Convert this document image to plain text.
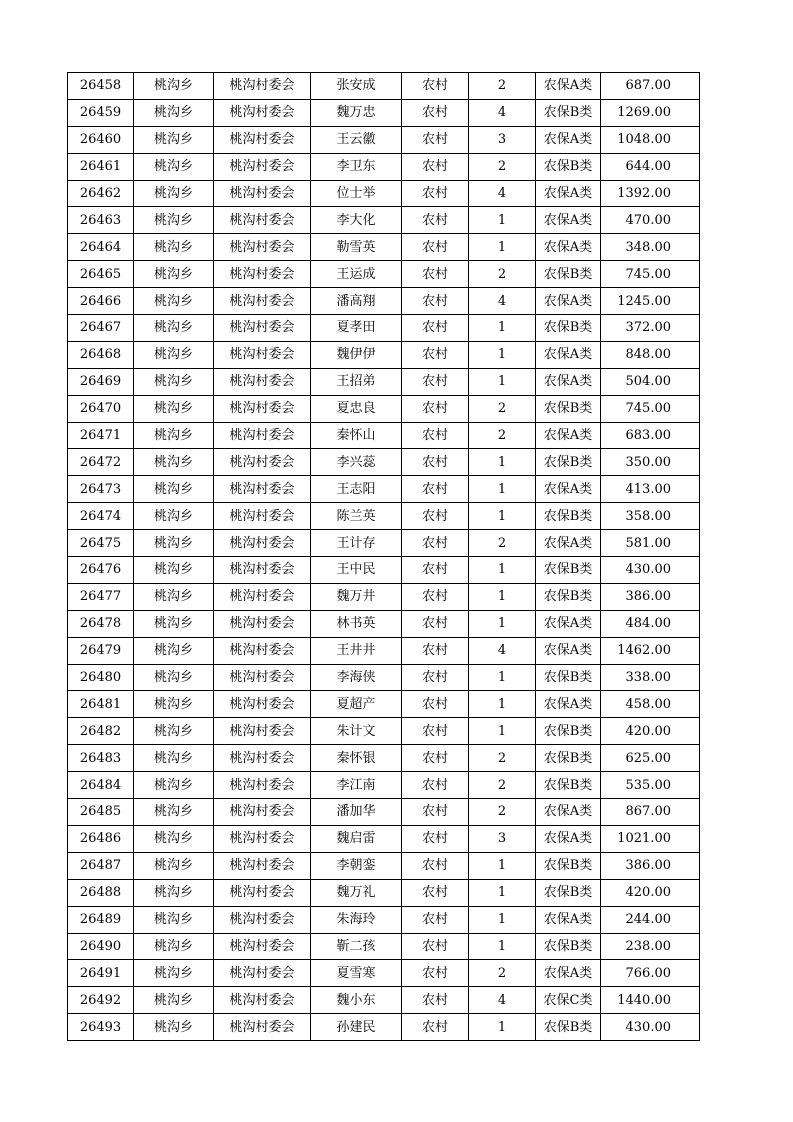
26458	桃沟乡	桃沟村委会	张安成	农村	2	农保A类	687.00
26459	桃沟乡	桃沟村委会	魏万忠	农村	4	农保B类	1269.00
26460	桃沟乡	桃沟村委会	王云徽	农村	3	农保A类	1048.00
26461	桃沟乡	桃沟村委会	李卫东	农村	2	农保B类	644.00
26462	桃沟乡	桃沟村委会	位士举	农村	4	农保A类	1392.00
26463	桃沟乡	桃沟村委会	李大化	农村	1	农保A类	470.00
26464	桃沟乡	桃沟村委会	勒雪英	农村	1	农保A类	348.00
26465	桃沟乡	桃沟村委会	王运成	农村	2	农保B类	745.00
26466	桃沟乡	桃沟村委会	潘高翔	农村	4	农保A类	1245.00
26467	桃沟乡	桃沟村委会	夏孝田	农村	1	农保B类	372.00
26468	桃沟乡	桃沟村委会	魏伊伊	农村	1	农保A类	848.00
26469	桃沟乡	桃沟村委会	王招弟	农村	1	农保A类	504.00
26470	桃沟乡	桃沟村委会	夏忠良	农村	2	农保B类	745.00
26471	桃沟乡	桃沟村委会	秦怀山	农村	2	农保A类	683.00
26472	桃沟乡	桃沟村委会	李兴蕊	农村	1	农保B类	350.00
26473	桃沟乡	桃沟村委会	王志阳	农村	1	农保A类	413.00
26474	桃沟乡	桃沟村委会	陈兰英	农村	1	农保B类	358.00
26475	桃沟乡	桃沟村委会	王计存	农村	2	农保A类	581.00
26476	桃沟乡	桃沟村委会	王中民	农村	1	农保B类	430.00
26477	桃沟乡	桃沟村委会	魏万井	农村	1	农保B类	386.00
26478	桃沟乡	桃沟村委会	林书英	农村	1	农保A类	484.00
26479	桃沟乡	桃沟村委会	王井井	农村	4	农保A类	1462.00
26480	桃沟乡	桃沟村委会	李海侠	农村	1	农保B类	338.00
26481	桃沟乡	桃沟村委会	夏超产	农村	1	农保A类	458.00
26482	桃沟乡	桃沟村委会	朱计文	农村	1	农保B类	420.00
26483	桃沟乡	桃沟村委会	秦怀银	农村	2	农保B类	625.00
26484	桃沟乡	桃沟村委会	李江南	农村	2	农保B类	535.00
26485	桃沟乡	桃沟村委会	潘加华	农村	2	农保A类	867.00
26486	桃沟乡	桃沟村委会	魏启雷	农村	3	农保A类	1021.00
26487	桃沟乡	桃沟村委会	李朝銮	农村	1	农保B类	386.00
26488	桃沟乡	桃沟村委会	魏万礼	农村	1	农保B类	420.00
26489	桃沟乡	桃沟村委会	朱海玲	农村	1	农保A类	244.00
26490	桃沟乡	桃沟村委会	靳二孩	农村	1	农保B类	238.00
26491	桃沟乡	桃沟村委会	夏雪寒	农村	2	农保A类	766.00
26492	桃沟乡	桃沟村委会	魏小东	农村	4	农保C类	1440.00
26493	桃沟乡	桃沟村委会	孙建民	农村	1	农保B类	430.00
